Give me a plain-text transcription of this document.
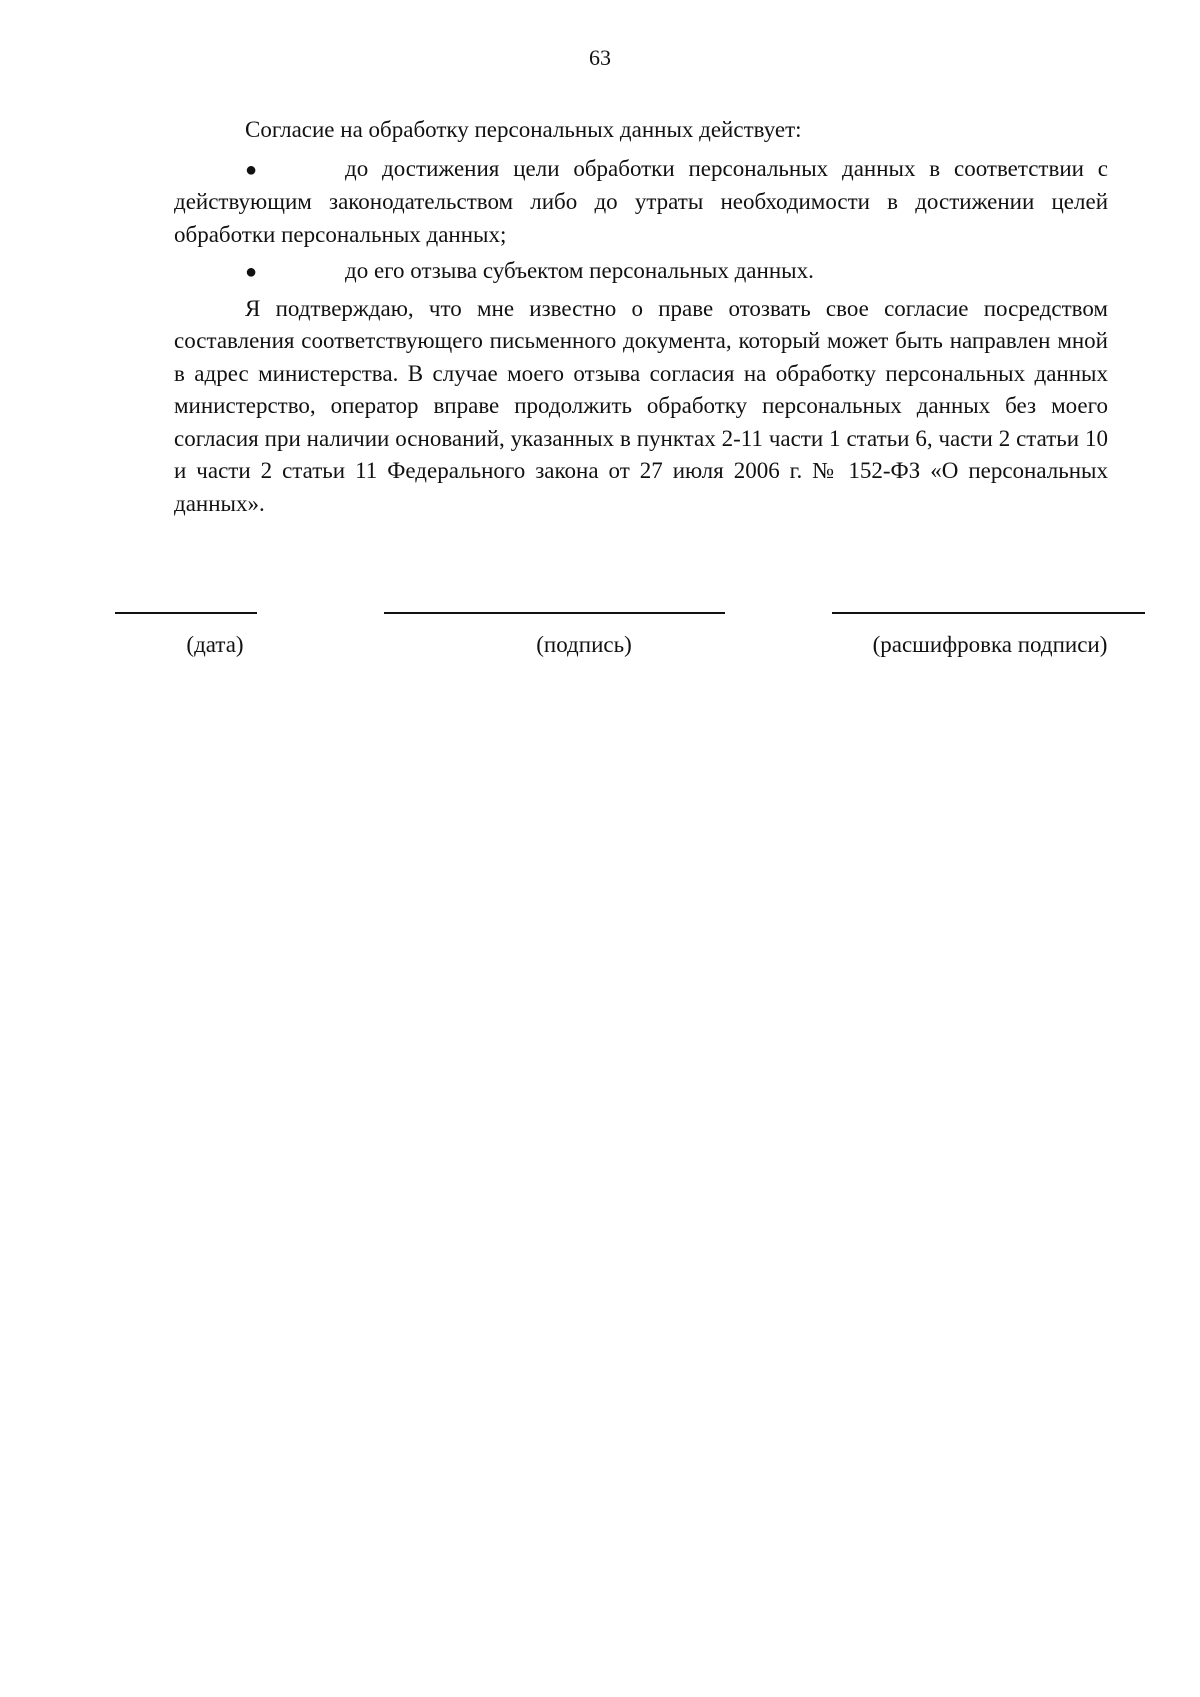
63

Согласие на обработку персональных данных действует:

●	до достижения цели обработки персональных данных в соответствии с действующим законодательством либо до утраты необходимости в достижении целей обработки персональных данных;

●	до его отзыва субъектом персональных данных.

Я подтверждаю, что мне известно о праве отозвать свое согласие посредством составления соответствующего письменного документа, который может быть направлен мной в адрес министерства. В случае моего отзыва согласия на обработку персональных данных министерство, оператор вправе продолжить обработку персональных данных без моего согласия при наличии оснований, указанных в пунктах 2-11 части 1 статьи 6, части 2 статьи 10 и части 2 статьи 11 Федерального закона от 27 июля 2006 г. № 152-ФЗ «О персональных данных».

(дата)	(подпись)	(расшифровка подписи)
